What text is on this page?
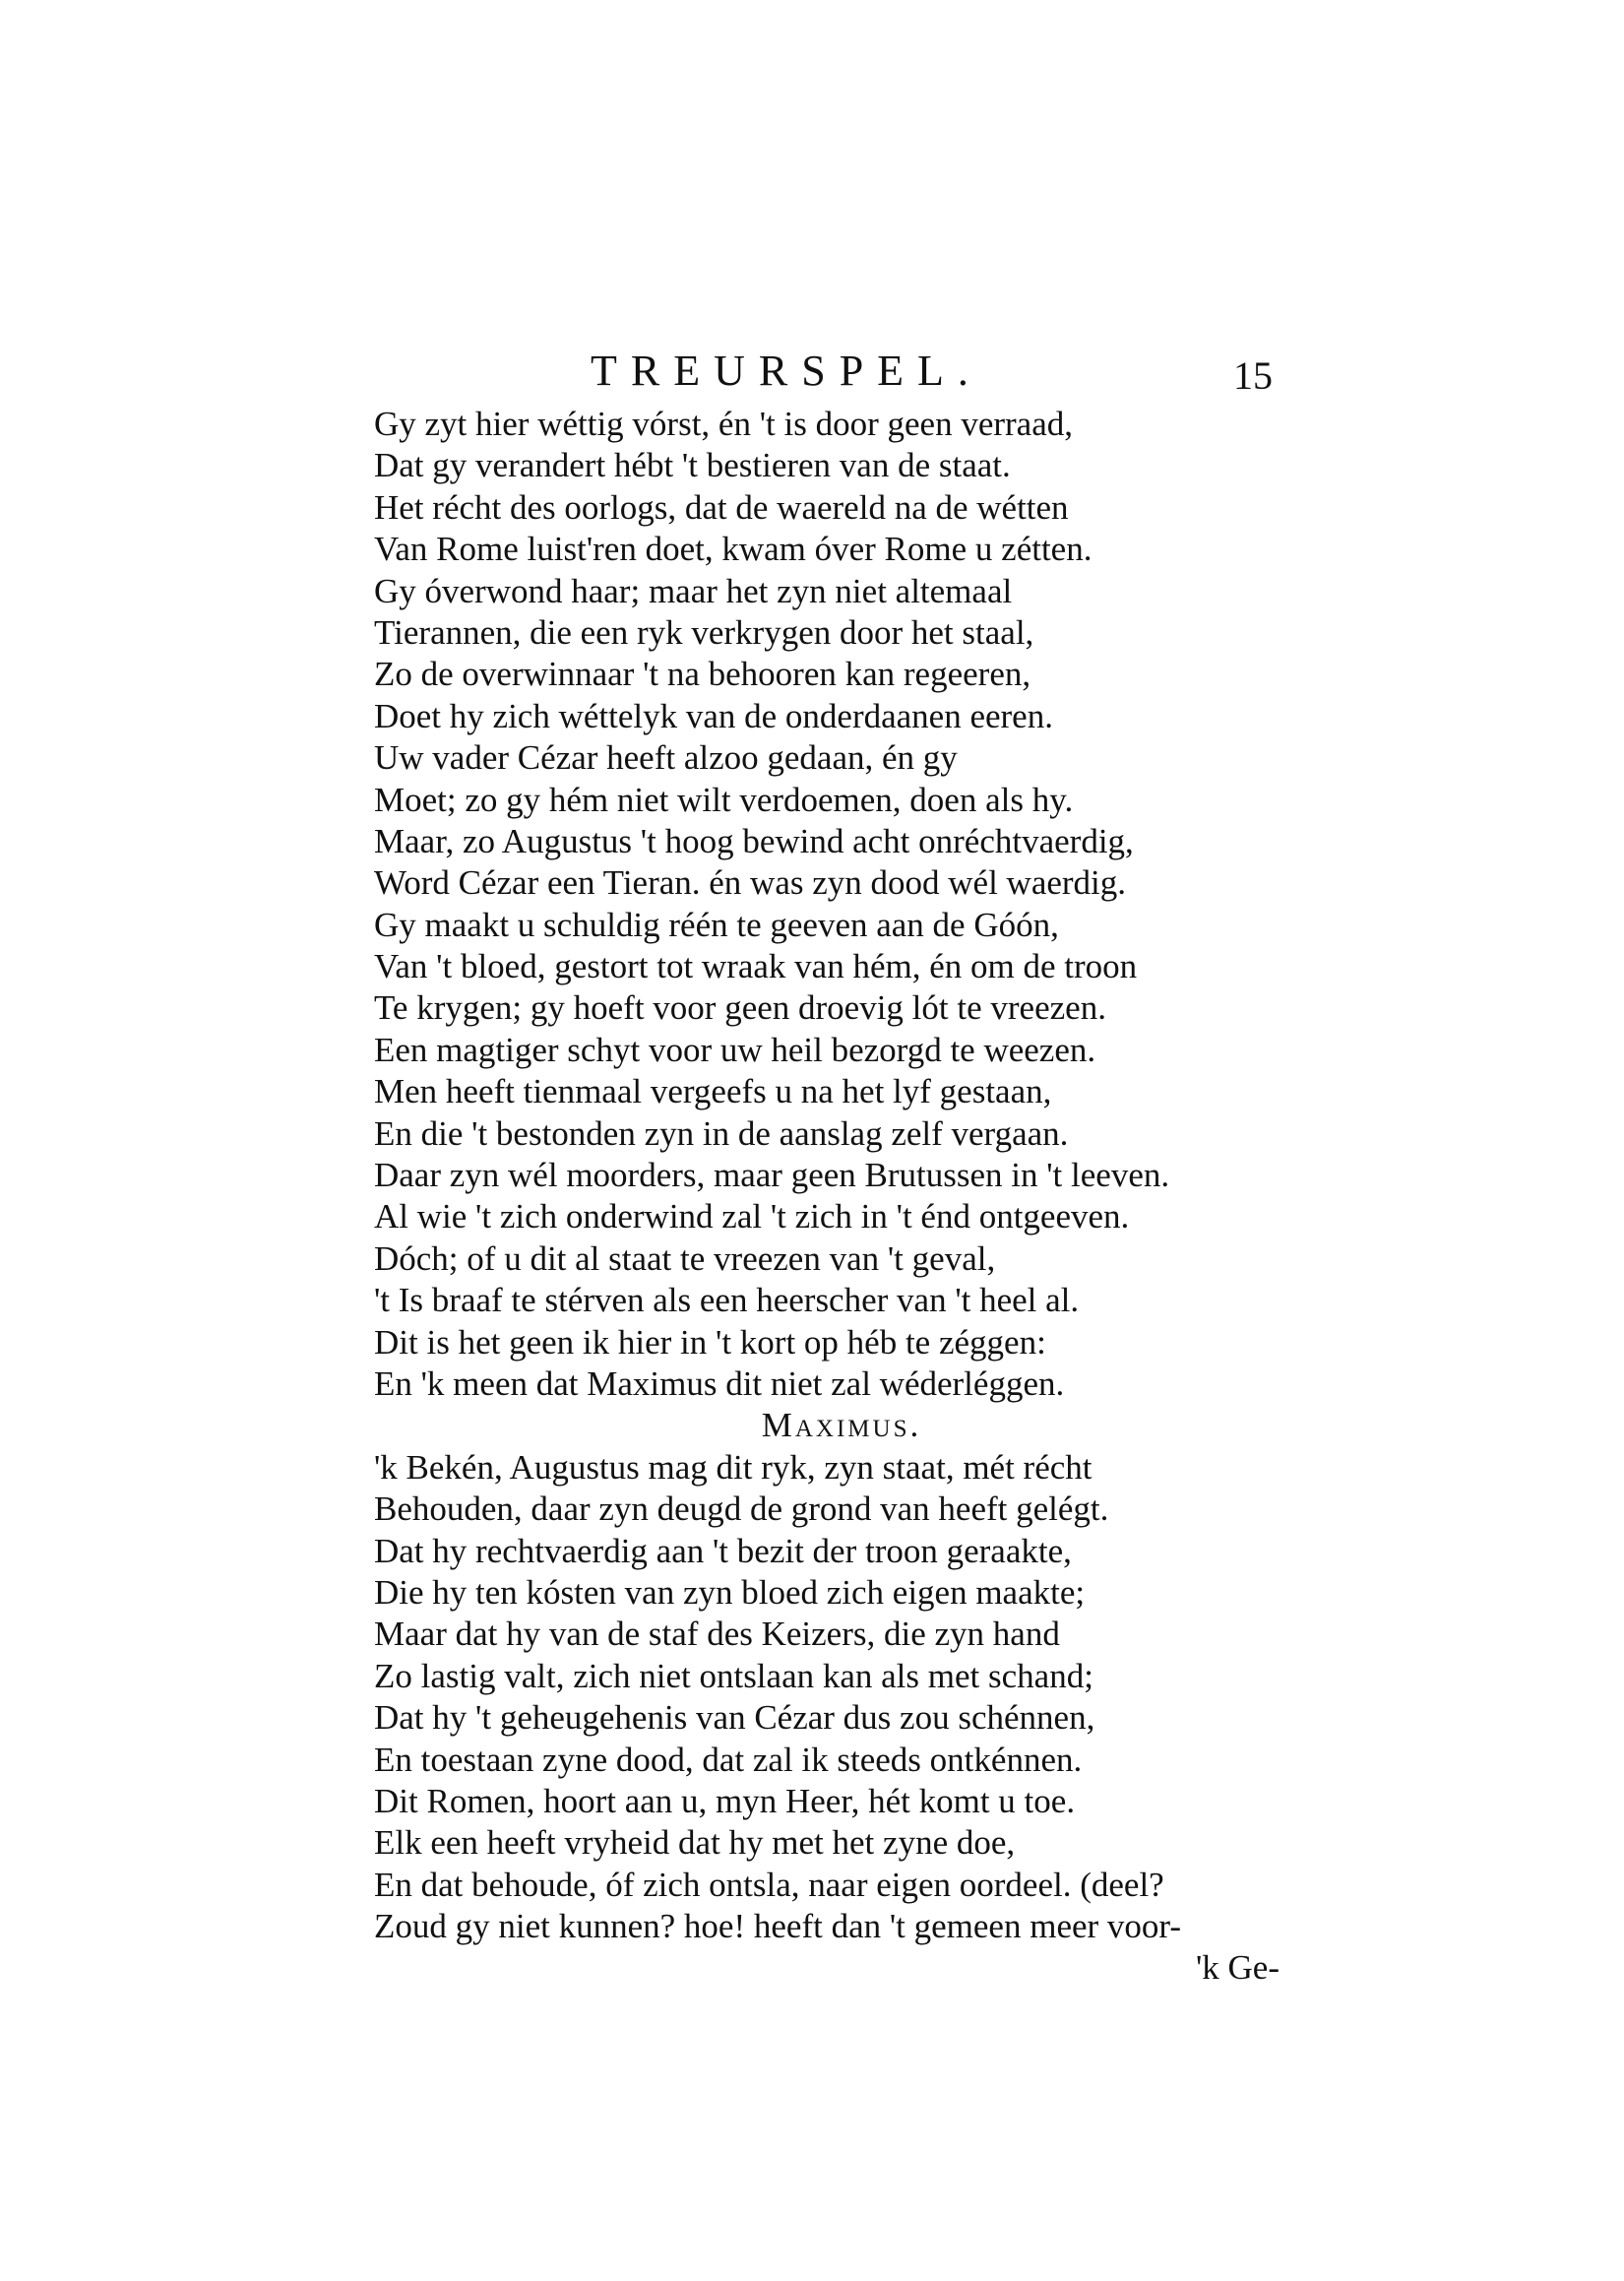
TREURSPEL.	15
Gy zyt hier wéttig vórst, én 't is door geen verraad,
Dat gy verandert hébt 't bestieren van de staat.
Het récht des oorlogs, dat de waereld na de wétten
Van Rome luist'ren doet, kwam óver Rome u zétten.
Gy óverwond haar; maar het zyn niet altemaal
Tierannen, die een ryk verkrygen door het staal,
Zo de overwinnaar 't na behooren kan regeeren,
Doet hy zich wéttelyk van de onderdaanen eeren.
Uw vader Cézar heeft alzoo gedaan, én gy
Moet; zo gy hém niet wilt verdoemen, doen als hy.
Maar, zo Augustus 't hoog bewind acht onréchtvaerdig,
Word Cézar een Tieran. én was zyn dood wél waerdig.
Gy maakt u schuldig réén te geeven aan de Góón,
Van 't bloed, gestort tot wraak van hém, én om de troon
Te krygen; gy hoeft voor geen droevig lót te vreezen.
Een magtiger schyt voor uw heil bezorgd te weezen.
Men heeft tienmaal vergeefs u na het lyf gestaan,
En die 't bestonden zyn in de aanslag zelf vergaan.
Daar zyn wél moorders, maar geen Brutussen in 't leeven.
Al wie 't zich onderwind zal 't zich in 't énd ontgeeven.
Dóch; of u dit al staat te vreezen van 't geval,
't Is braaf te stérven als een heerscher van 't heel al.
Dit is het geen ik hier in 't kort op héb te zéggen:
En 'k meen dat Maximus dit niet zal wéderléggen.
Maximus.
'k Bekén, Augustus mag dit ryk, zyn staat, mét récht
Behouden, daar zyn deugd de grond van heeft gelégt.
Dat hy rechtvaerdig aan 't bezit der troon geraakte,
Die hy ten kósten van zyn bloed zich eigen maakte;
Maar dat hy van de staf des Keizers, die zyn hand
Zo lastig valt, zich niet ontslaan kan als met schand;
Dat hy 't geheugehenis van Cézar dus zou schénnen,
En toestaan zyne dood, dat zal ik steeds ontkénnen.
Dit Romen, hoort aan u, myn Heer, hét komt u toe.
Elk een heeft vryheid dat hy met het zyne doe,
En dat behoude, óf zich ontsla, naar eigen oordeel. (deel?
Zoud gy niet kunnen? hoe! heeft dan 't gemeen meer voor-
'k Ge-
